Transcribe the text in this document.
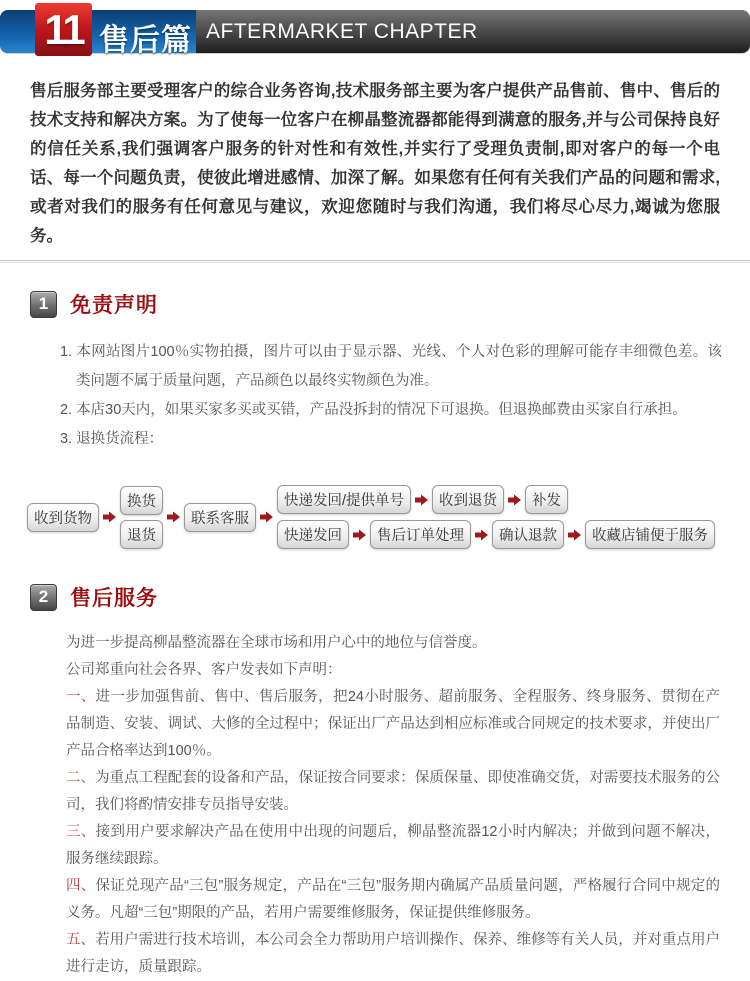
11 售后篇 AFTERMARKET CHAPTER

售后服务部主要受理客户的综合业务咨询,技术服务部主要为客户提供产品售前、售中、售后的技术支持和解决方案。为了使每一位客户在柳晶整流器都能得到满意的服务,并与公司保持良好的信任关系,我们强调客户服务的针对性和有效性,并实行了受理负责制,即对客户的每一个电话、每一个问题负责，使彼此增进感情、加深了解。如果您有任何有关我们产品的问题和需求,或者对我们的服务有任何意见与建议，欢迎您随时与我们沟通，我们将尽心尽力,竭诚为您服务。

1	免责声明

1. 本网站图片100％实物拍摄，图片可以由于显示器、光线、个人对色彩的理解可能存丰细微色差。该类问题不属于质量问题，产品颜色以最终实物颜色为准。

2. 本店30天内，如果买家多买或买错，产品没拆封的情况下可退换。但退换邮费由买家自行承担。

3. 退换货流程：

收到货物
换货
退货
联系客服
快递发回/提供单号	收到退货	补发
快递发回	售后订单处理	确认退款	收藏店铺便于服务
2	售后服务

为进一步提高柳晶整流器在全球市场和用户心中的地位与信誉度。

公司郑重向社会各界、客户发表如下声明：

一、进一步加强售前、售中、售后服务，把24小时服务、超前服务、全程服务、终身服务、贯彻在产品制造、安装、调试、大修的全过程中；保证出厂产品达到相应标准或合同规定的技术要求，并使出厂产品合格率达到100％。

二、为重点工程配套的设备和产品，保证按合同要求：保质保量、即使准确交货，对需要技术服务的公司，我们将酌情安排专员指导安装。

三、接到用户要求解决产品在使用中出现的问题后，柳晶整流器12小时内解决；并做到问题不解决，服务继续跟踪。

四、保证兑现产品“三包”服务规定，产品在“三包”服务期内确属产品质量问题，严格履行合同中规定的义务。凡超“三包”期限的产品，若用户需要维修服务，保证提供维修服务。

五、若用户需进行技术培训，本公司会全力帮助用户培训操作、保养、维修等有关人员，并对重点用户进行走访，质量跟踪。
